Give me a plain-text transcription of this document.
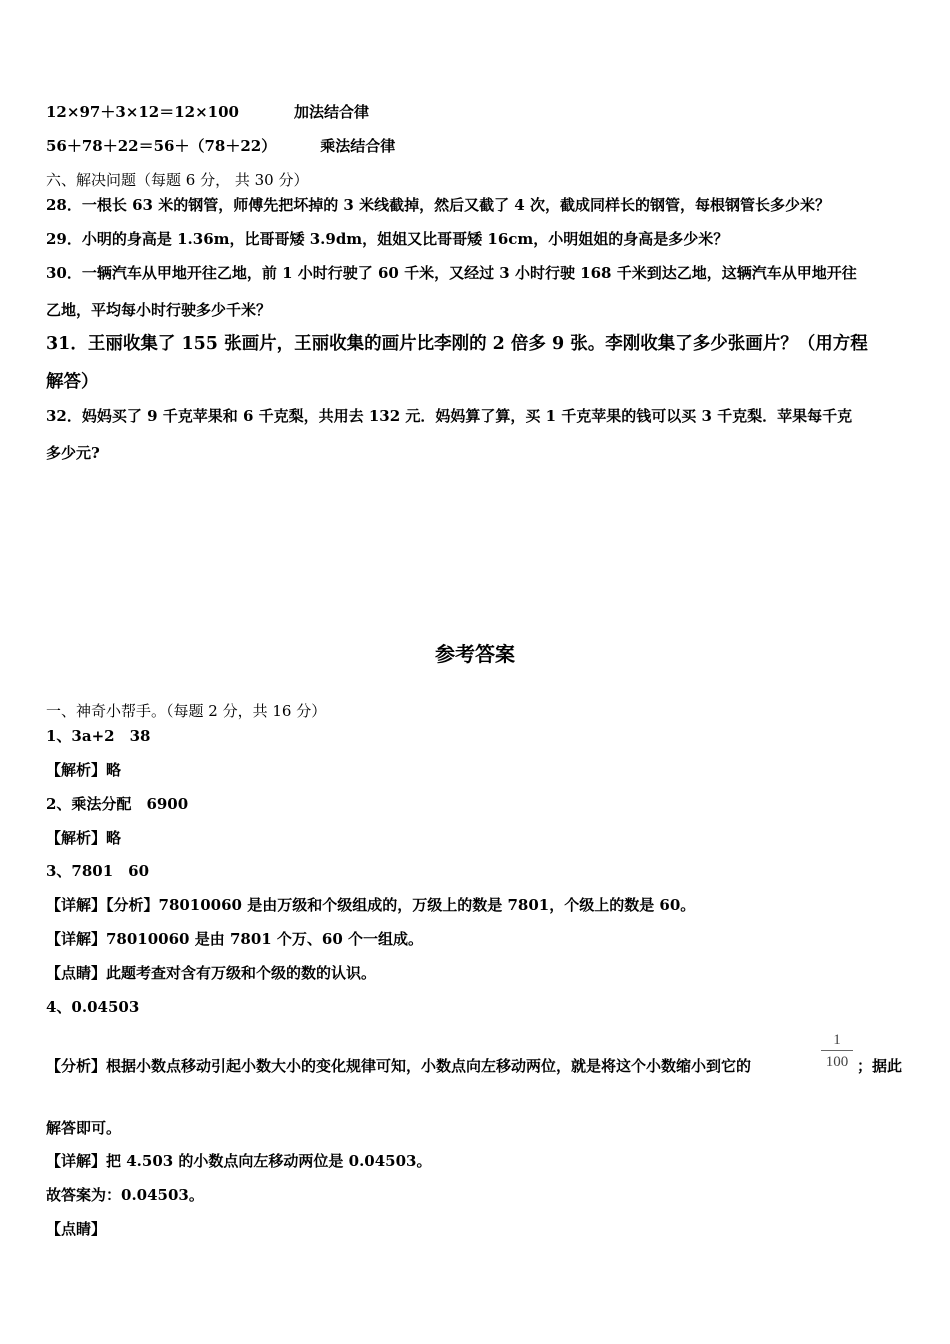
12×97＋3×12＝12×100	加法结合律
56＋78＋22＝56＋（78＋22）	乘法结合律
六、解决问题（每题 6 分， 共 30 分）
28．一根长 63 米的钢管，师傅先把坏掉的 3 米线截掉，然后又截了 4 次，截成同样长的钢管，每根钢管长多少米？
29．小明的身高是 1.36m，比哥哥矮 3.9dm，姐姐又比哥哥矮 16cm，小明姐姐的身高是多少米？
30．一辆汽车从甲地开往乙地，前 1 小时行驶了 60 千米，又经过 3 小时行驶 168 千米到达乙地，这辆汽车从甲地开往
乙地，平均每小时行驶多少千米？
31．王丽收集了 155 张画片，王丽收集的画片比李刚的 2 倍多 9 张。李刚收集了多少张画片？（用方程
解答）
32．妈妈买了 9 千克苹果和 6 千克梨，共用去 132 元．妈妈算了算，买 1 千克苹果的钱可以买 3 千克梨．苹果每千克
多少元?
参考答案
一、神奇小帮手。（每题 2 分，共 16 分）
1、3a+2　38
【解析】略
2、乘法分配　6900
【解析】略
3、7801　60
【详解】【分析】78010060 是由万级和个级组成的，万级上的数是 7801，个级上的数是 60。
【详解】78010060 是由 7801 个万、60 个一组成。
【点睛】此题考查对含有万级和个级的数的认识。
4、0.04503
【分析】根据小数点移动引起小数大小的变化规律可知，小数点向左移动两位，就是将这个小数缩小到它的
1
100 ；据此
解答即可。
【详解】把 4.503 的小数点向左移动两位是 0.04503。
故答案为：0.04503。
【点睛】
